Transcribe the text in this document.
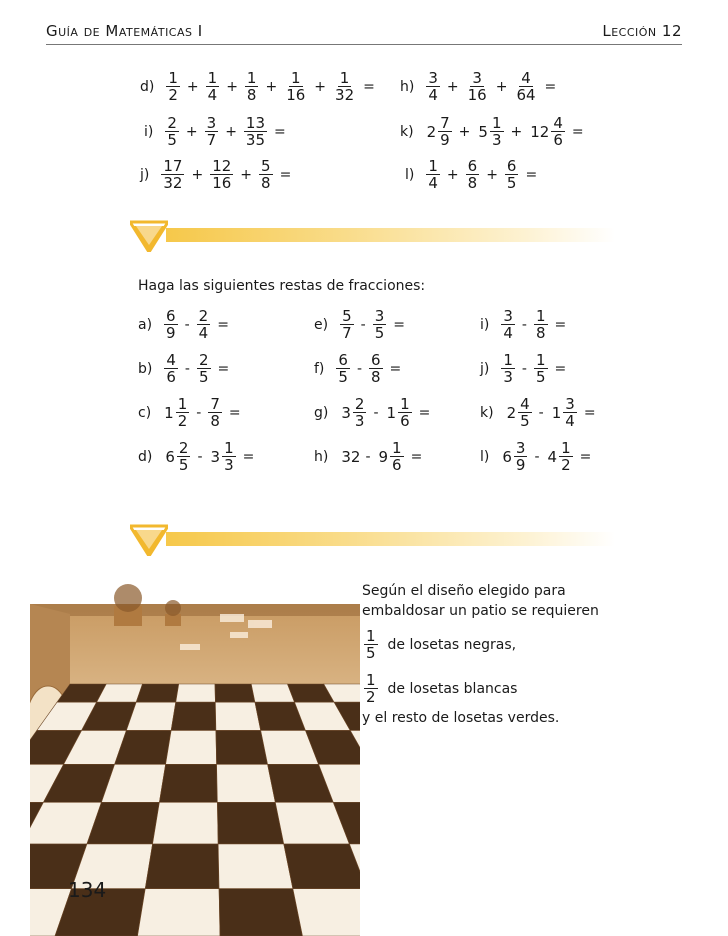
Guía de Matemáticas I	Lección 12
$d) \frac{1}{2} + \frac{1}{4} + \frac{1}{8} + \frac{1}{16} + \frac{1}{32} = h) \frac{3}{4} + \frac{3}{16} + \frac{4}{64}$ =
$i) \frac{2}{5} + \frac{3}{7} + \frac{13}{35}$ =	k) $2 \frac{7}{9} + 5 \frac{1}{3} + 12 \frac{4}{6}$ =
$j) \frac{17}{32} + \frac{12}{16} + \frac{5}{8}$ =	$l) \frac{1}{4} + \frac{6}{8} + \frac{6}{5}$ =
Haga las siguientes restas de fracciones:
$a) \frac{6}{9} - \frac{2}{4}$ =	$e) \frac{5}{7} - \frac{3}{5}$ =	$i) \frac{3}{4} - \frac{1}{8}$ =
$b) \frac{4}{6} - \frac{2}{5}$ =	$f) \frac{6}{5} - \frac{6}{8}$ =	$j) \frac{1}{3} - \frac{1}{5}$ =
c) $1 \frac{1}{2} - \frac{7}{8}$ =	g) $3 \frac{2}{3} - 1 \frac{1}{6}$ =	k) $2 \frac{4}{5} - 1 \frac{3}{4}$ =
d) $6 \frac{2}{5} - 3 \frac{1}{3}$ =	h) $32 - 9 \frac{1}{6}$ =	l) $6 \frac{3}{9} - 4 \frac{1}{2}$ =
Según el diseño elegido para
embaldosar un patio se requieren
$\frac{1}{5}$ de losetas negras,
$\frac{1}{2}$ de losetas blancas
y el resto de losetas verdes.
134
